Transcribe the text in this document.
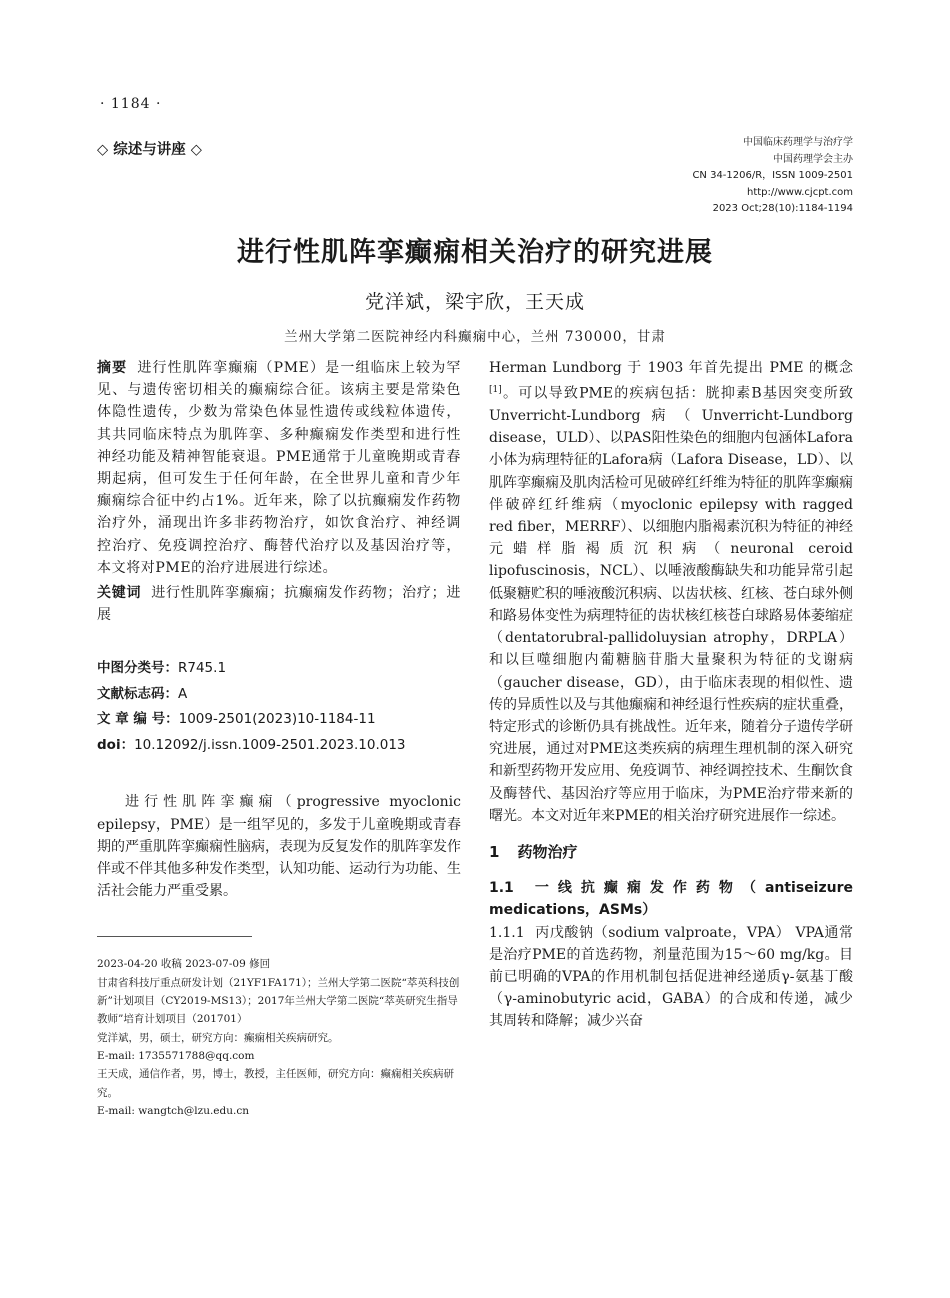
· 1184 ·
◇ 综述与讲座 ◇	中国临床药理学与治疗学
中国药理学会主办
CN 34-1206/R，ISSN 1009-2501
http://www.cjcpt.com
2023 Oct;28(10):1184-1194
进行性肌阵挛癫痫相关治疗的研究进展
党洋斌，梁宇欣，王天成
兰州大学第二医院神经内科癫痫中心，兰州 730000，甘肃

摘要 进行性肌阵挛癫痫（PME）是一组临床上较为罕见、与遗传密切相关的癫痫综合征。该病主要是常染色体隐性遗传，少数为常染色体显性遗传或线粒体遗传，其共同临床特点为肌阵挛、多种癫痫发作类型和进行性神经功能及精神智能衰退。PME通常于儿童晚期或青春期起病，但可发生于任何年龄，在全世界儿童和青少年癫痫综合征中约占1%。近年来，除了以抗癫痫发作药物治疗外，涌现出许多非药物治疗，如饮食治疗、神经调控治疗、免疫调控治疗、酶替代治疗以及基因治疗等，本文将对PME的治疗进展进行综述。

关键词 进行性肌阵挛癫痫；抗癫痫发作药物；治疗；进展

中图分类号：R745.1
文献标志码：A
文 章 编 号：1009-2501(2023)10-1184-11
doi：10.12092/j.issn.1009-2501.2023.10.013

进行性肌阵挛癫痫（progressive myoclonic epilepsy，PME）是一组罕见的，多发于儿童晚期或青春期的严重肌阵挛癫痫性脑病，表现为反复发作的肌阵挛发作伴或不伴其他多种发作类型，认知功能、运动行为功能、生活社会能力严重受累。

2023-04-20 收稿 2023-07-09 修回
甘肃省科技厅重点研发计划（21YF1FA171）；兰州大学第二医院“萃英科技创新”计划项目（CY2019-MS13）；2017年兰州大学第二医院“萃英研究生指导教师”培育计划项目（201701）
党洋斌，男，硕士，研究方向：癫痫相关疾病研究。
E-mail: 1735571788@qq.com
王天成，通信作者，男，博士，教授，主任医师，研究方向：癫痫相关疾病研究。
E-mail: wangtch@lzu.edu.cn

Herman Lundborg 于 1903 年首先提出 PME 的概念[1]。可以导致PME的疾病包括：胱抑素B基因突变所致Unverricht-Lundborg病（Unverricht-Lundborg disease，ULD）、以PAS阳性染色的细胞内包涵体Lafora小体为病理特征的Lafora病（Lafora Disease，LD）、以肌阵挛癫痫及肌肉活检可见破碎红纤维为特征的肌阵挛癫痫伴破碎红纤维病（myoclonic epilepsy with ragged red fiber，MERRF）、以细胞内脂褐素沉积为特征的神经元蜡样脂褐质沉积病（neuronal ceroid lipofuscinosis，NCL）、以唾液酸酶缺失和功能异常引起低聚糖贮积的唾液酸沉积病、以齿状核、红核、苍白球外侧和路易体变性为病理特征的齿状核红核苍白球路易体萎缩症（dentatorubral-pallidoluysian atrophy，DRPLA）和以巨噬细胞内葡糖脑苷脂大量聚积为特征的戈谢病（gaucher disease，GD），由于临床表现的相似性、遗传的异质性以及与其他癫痫和神经退行性疾病的症状重叠，特定形式的诊断仍具有挑战性。近年来，随着分子遗传学研究进展，通过对PME这类疾病的病理生理机制的深入研究和新型药物开发应用、免疫调节、神经调控技术、生酮饮食及酶替代、基因治疗等应用于临床，为PME治疗带来新的曙光。本文对近年来PME的相关治疗研究进展作一综述。

1 药物治疗
1.1 一线抗癫痫发作药物（antiseizure medications，ASMs）

1.1.1 丙戊酸钠（sodium valproate，VPA） VPA通常是治疗PME的首选药物，剂量范围为15～60 mg/kg。目前已明确的VPA的作用机制包括促进神经递质γ-氨基丁酸（γ-aminobutyric acid，GABA）的合成和传递，减少其周转和降解；减少兴奋
